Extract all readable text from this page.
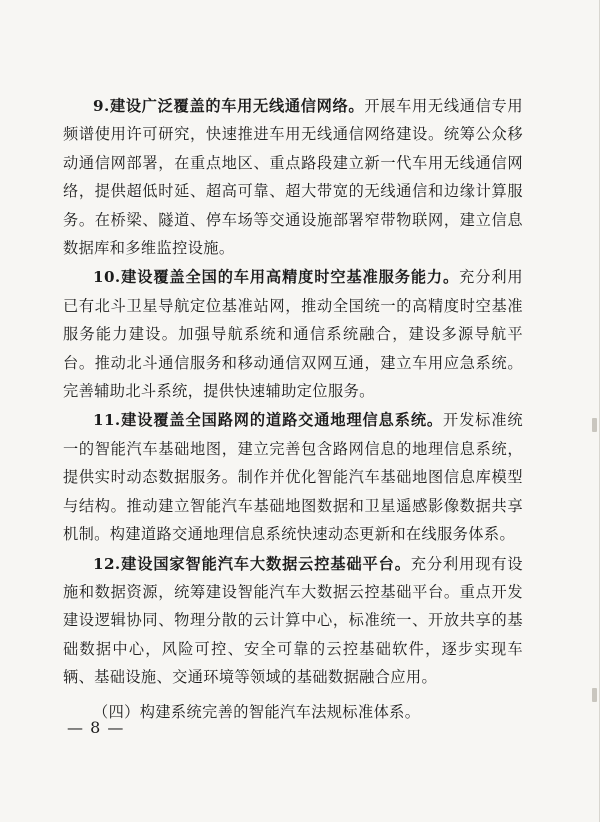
9.建设广泛覆盖的车用无线通信网络。开展车用无线通信专用频谱使用许可研究，快速推进车用无线通信网络建设。统筹公众移动通信网部署，在重点地区、重点路段建立新一代车用无线通信网络，提供超低时延、超高可靠、超大带宽的无线通信和边缘计算服务。在桥梁、隧道、停车场等交通设施部署窄带物联网，建立信息数据库和多维监控设施。

10.建设覆盖全国的车用高精度时空基准服务能力。充分利用已有北斗卫星导航定位基准站网，推动全国统一的高精度时空基准服务能力建设。加强导航系统和通信系统融合，建设多源导航平台。推动北斗通信服务和移动通信双网互通，建立车用应急系统。完善辅助北斗系统，提供快速辅助定位服务。

11.建设覆盖全国路网的道路交通地理信息系统。开发标准统一的智能汽车基础地图，建立完善包含路网信息的地理信息系统，提供实时动态数据服务。制作并优化智能汽车基础地图信息库模型与结构。推动建立智能汽车基础地图数据和卫星遥感影像数据共享机制。构建道路交通地理信息系统快速动态更新和在线服务体系。

12.建设国家智能汽车大数据云控基础平台。充分利用现有设施和数据资源，统筹建设智能汽车大数据云控基础平台。重点开发建设逻辑协同、物理分散的云计算中心，标准统一、开放共享的基础数据中心，风险可控、安全可靠的云控基础软件，逐步实现车辆、基础设施、交通环境等领域的基础数据融合应用。

（四）构建系统完善的智能汽车法规标准体系。

— 8 —
